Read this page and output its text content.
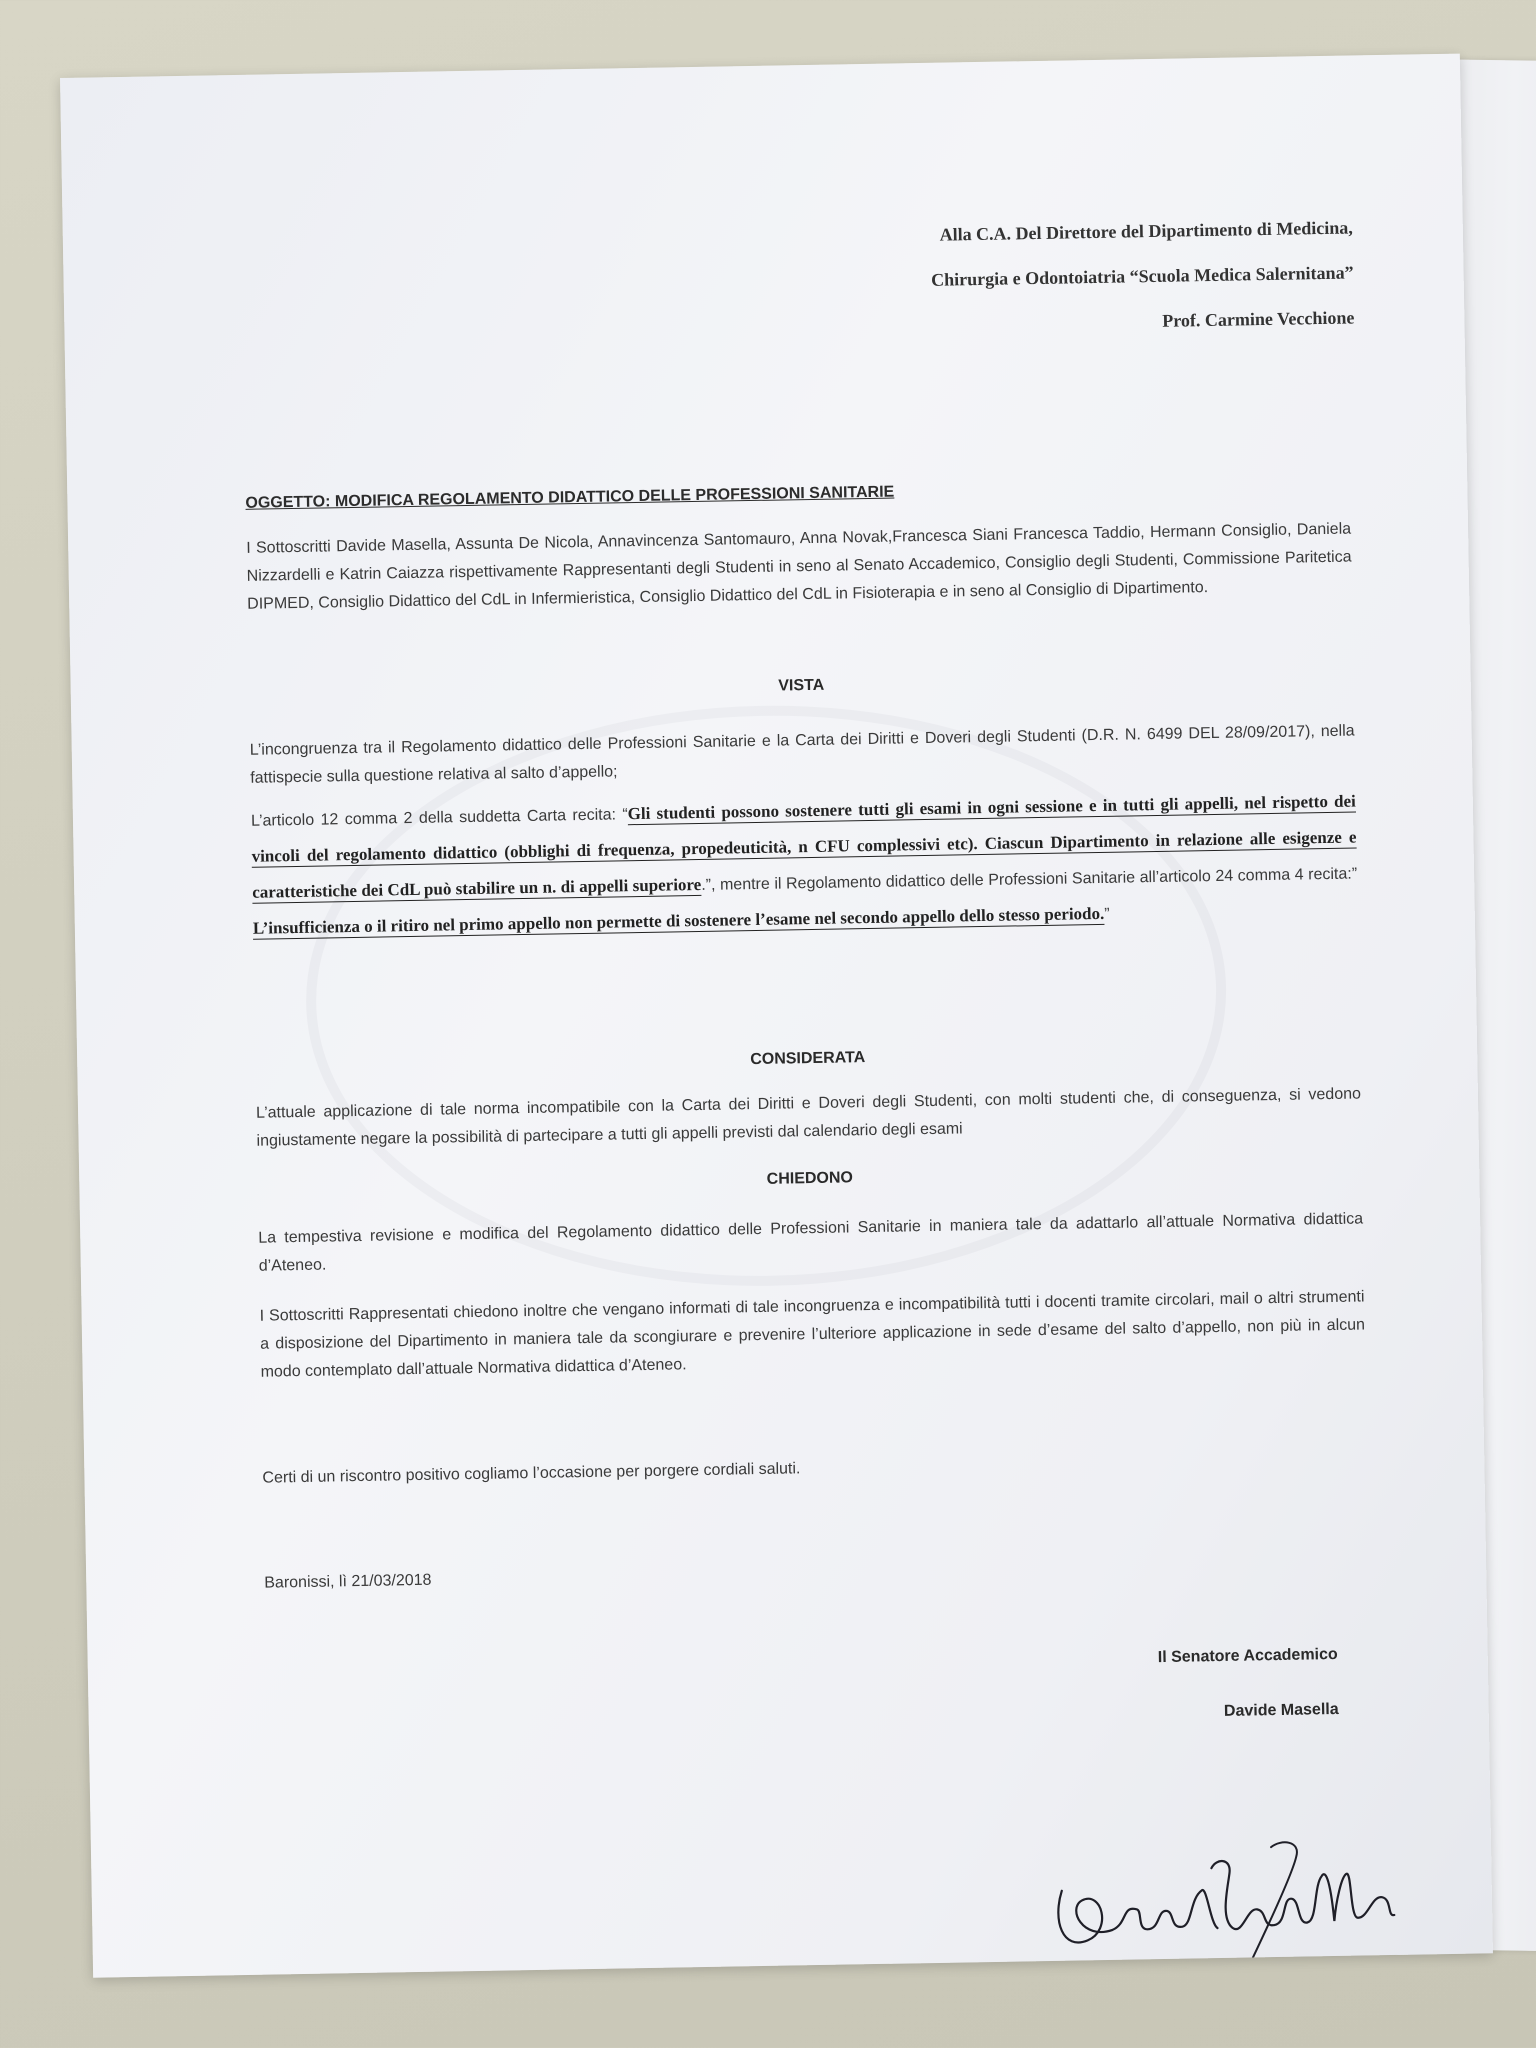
Alla C.A. Del Direttore del Dipartimento di Medicina,
Chirurgia e Odontoiatria “Scuola Medica Salernitana”
Prof. Carmine Vecchione
OGGETTO: MODIFICA REGOLAMENTO DIDATTICO DELLE PROFESSIONI SANITARIE
I Sottoscritti Davide Masella, Assunta De Nicola, Annavincenza Santomauro, Anna Novak,Francesca Siani Francesca Taddio, Hermann Consiglio, Daniela Nizzardelli e Katrin Caiazza rispettivamente Rappresentanti degli Studenti in seno al Senato Accademico, Consiglio degli Studenti, Commissione Paritetica DIPMED, Consiglio Didattico del CdL in Infermieristica, Consiglio Didattico del CdL in Fisioterapia e in seno al Consiglio di Dipartimento.
VISTA
L’incongruenza tra il Regolamento didattico delle Professioni Sanitarie e la Carta dei Diritti e Doveri degli Studenti (D.R. N. 6499 DEL 28/09/2017), nella fattispecie sulla questione relativa al salto d’appello;
L’articolo 12 comma 2 della suddetta Carta recita: “Gli studenti possono sostenere tutti gli esami in ogni sessione e in tutti gli appelli, nel rispetto dei vincoli del regolamento didattico (obblighi di frequenza, propedeuticità, n CFU complessivi etc). Ciascun Dipartimento in relazione alle esigenze e caratteristiche dei CdL può stabilire un n. di appelli superiore.”, mentre il Regolamento didattico delle Professioni Sanitarie all’articolo 24 comma 4 recita:” L’insufficienza o il ritiro nel primo appello non permette di sostenere l’esame nel secondo appello dello stesso periodo.”
CONSIDERATA
L’attuale applicazione di tale norma incompatibile con la Carta dei Diritti e Doveri degli Studenti, con molti studenti che, di conseguenza, si vedono ingiustamente negare la possibilità di partecipare a tutti gli appelli previsti dal calendario degli esami
CHIEDONO
La tempestiva revisione e modifica del Regolamento didattico delle Professioni Sanitarie in maniera tale da adattarlo all’attuale Normativa didattica d’Ateneo.
I Sottoscritti Rappresentati chiedono inoltre che vengano informati di tale incongruenza e incompatibilità tutti i docenti tramite circolari, mail o altri strumenti a disposizione del Dipartimento in maniera tale da scongiurare e prevenire l’ulteriore applicazione in sede d’esame del salto d’appello, non più in alcun modo contemplato dall’attuale Normativa didattica d’Ateneo.
Certi di un riscontro positivo cogliamo l’occasione per porgere cordiali saluti.
Baronissi, lì 21/03/2018
Il Senatore Accademico
Davide Masella
